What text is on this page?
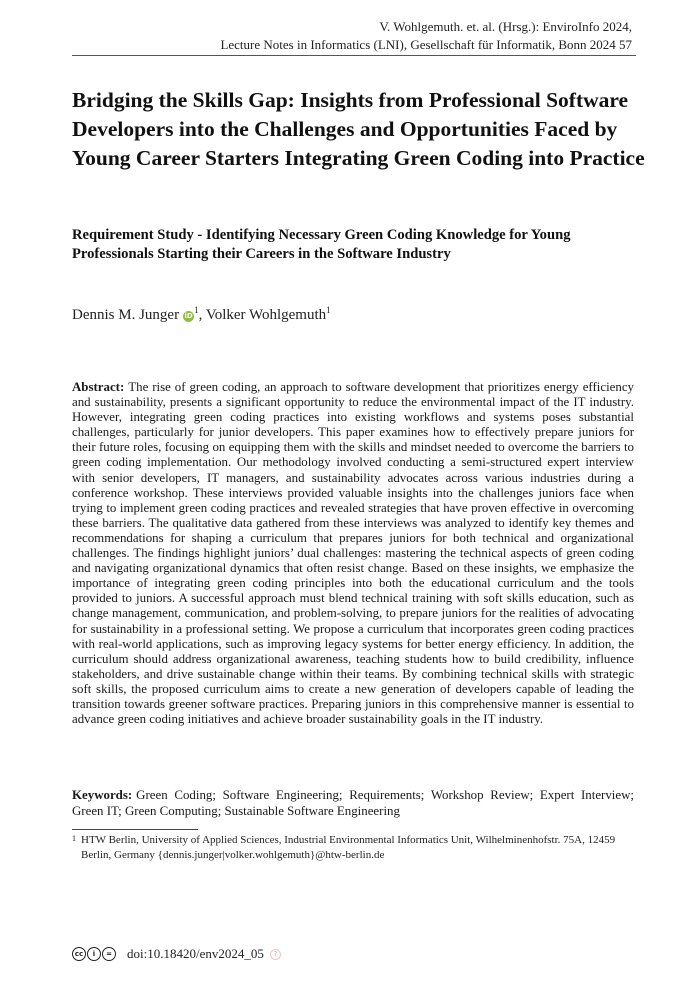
V. Wohlgemuth. et. al. (Hrsg.): EnviroInfo 2024,
Lecture Notes in Informatics (LNI), Gesellschaft für Informatik, Bonn 2024 57
Bridging the Skills Gap: Insights from Professional Software Developers into the Challenges and Opportunities Faced by Young Career Starters Integrating Green Coding into Practice
Requirement Study - Identifying Necessary Green Coding Knowledge for Young Professionals Starting their Careers in the Software Industry
Dennis M. Junger $iD^1$, Volker Wohlgemuth$^1$

Abstract: The rise of green coding, an approach to software development that prioritizes energy efficiency and sustainability, presents a significant opportunity to reduce the environmental impact of the IT industry. However, integrating green coding practices into existing workflows and systems poses substantial challenges, particularly for junior developers. This paper examines how to effectively prepare juniors for their future roles, focusing on equipping them with the skills and mindset needed to overcome the barriers to green coding implementation. Our methodology involved conducting a semi-structured expert interview with senior developers, IT managers, and sustainability advocates across various industries during a conference workshop. These interviews provided valuable insights into the challenges juniors face when trying to implement green coding practices and revealed strategies that have proven effective in overcoming these barriers. The qualitative data gathered from these interviews was analyzed to identify key themes and recommendations for shaping a curriculum that prepares juniors for both technical and organizational challenges. The findings highlight juniors’ dual challenges: mastering the technical aspects of green coding and navigating organizational dynamics that often resist change. Based on these insights, we emphasize the importance of integrating green coding principles into both the educational curriculum and the tools provided to juniors. A successful approach must blend technical training with soft skills education, such as change management, communication, and problem-solving, to prepare juniors for the realities of advocating for sustainability in a professional setting. We propose a curriculum that incorporates green coding practices with real-world applications, such as improving legacy systems for better energy efficiency. In addition, the curriculum should address organizational awareness, teaching students how to build credibility, influence stakeholders, and drive sustainable change within their teams. By combining technical skills with strategic soft skills, the proposed curriculum aims to create a new generation of developers capable of leading the transition towards greener software practices. Preparing juniors in this comprehensive manner is essential to advance green coding initiatives and achieve broader sustainability goals in the IT industry.

Keywords: Green Coding; Software Engineering; Requirements; Workshop Review; Expert Interview; Green IT; Green Computing; Sustainable Software Engineering

1 HTW Berlin, University of Applied Sciences, Industrial Environmental Informatics Unit, Wilhelminenhofstr. 75A, 12459 Berlin, Germany {dennis.junger|volker.wohlgemuth}@htw-berlin.de

cc	i	=	doi:10.18420/env2024_05	?
